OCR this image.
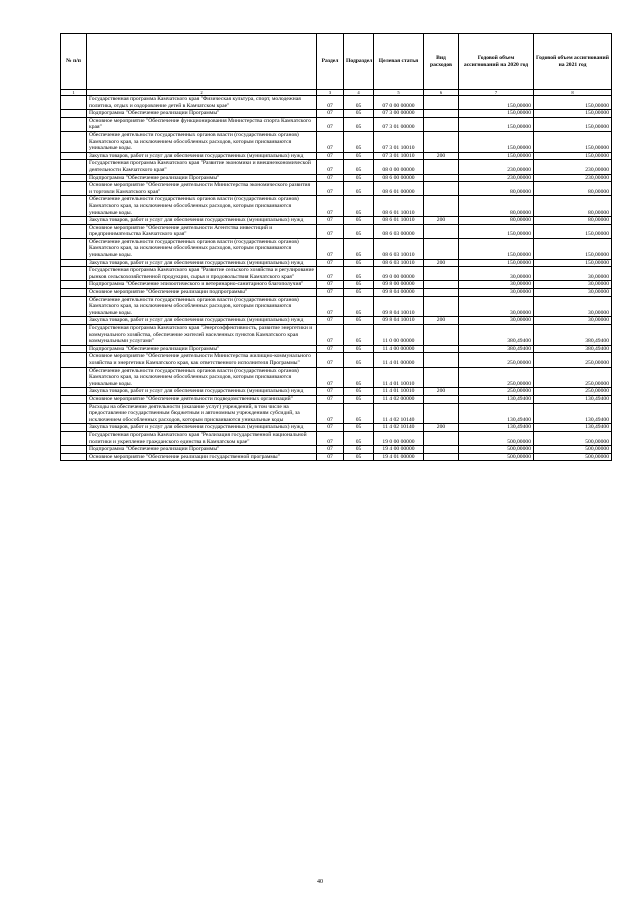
№ п/п		Раздел	Подраздел	Целевая статья	Вид расходов	Годовой объем ассигнований на 2020 год	Годовой объем ассигнований на 2021 год
1	2	3	4	5	6	7	8
	Государственная программа Камчатского края "Физическая культура, спорт, молодежная политика, отдых и оздоровление детей в Камчатском крае"	07	05	07 0 00 00000		150,00000	150,00000
	Подпрограмма "Обеспечение реализации Программы"	07	05	07 3 00 00000		150,00000	150,00000
	Основное мероприятие "Обеспечение функционирования Министерства спорта Камчатского края"	07	05	07 3 01 00000		150,00000	150,00000
	Обеспечение деятельности государственных органов власти (государственных органов) Камчатского края, за исключением обособленных расходов, которым присваиваются уникальные коды.	07	05	07 3 01 10010		150,00000	150,00000
	Закупка товаров, работ и услуг для обеспечения государственных (муниципальных) нужд	07	05	07 3 01 10010	200	150,00000	150,00000
	Государственная программа Камчатского края "Развитие экономики и внешнеэкономической деятельности Камчатского края"	07	05	08 0 00 00000		230,00000	230,00000
	Подпрограмма "Обеспечение реализации Программы"	07	05	08 6 00 00000		230,00000	230,00000
	Основное мероприятие "Обеспечение деятельности Министерства экономического развития и торговли Камчатского края"	07	05	08 6 01 00000		80,00000	80,00000
	Обеспечение деятельности государственных органов власти (государственных органов) Камчатского края, за исключением обособленных расходов, которым присваиваются уникальные коды.	07	05	08 6 01 10010		80,00000	80,00000
	Закупка товаров, работ и услуг для обеспечения государственных (муниципальных) нужд	07	05	08 6 01 10010	200	80,00000	80,00000
	Основное мероприятие "Обеспечение деятельности Агентства инвестиций и предпринимательства Камчатского края"	07	05	08 6 03 00000		150,00000	150,00000
	Обеспечение деятельности государственных органов власти (государственных органов) Камчатского края, за исключением обособленных расходов, которым присваиваются уникальные коды.	07	05	08 6 03 10010		150,00000	150,00000
	Закупка товаров, работ и услуг для обеспечения государственных (муниципальных) нужд	07	05	08 6 03 10010	200	150,00000	150,00000
	Государственная программа Камчатского края "Развитие сельского хозяйства и регулирование рынков сельскохозяйственной продукции, сырья и продовольствия Камчатского края"	07	05	09 0 00 00000		30,00000	30,00000
	Подпрограмма "Обеспечение эпизоотического и ветеринарно-санитарного благополучия"	07	05	09 8 00 00000		30,00000	30,00000
	Основное мероприятие "Обеспечение реализации подпрограммы"	07	05	09 8 04 00000		30,00000	30,00000
	Обеспечение деятельности государственных органов власти (государственных органов) Камчатского края, за исключением обособленных расходов, которым присваиваются уникальные коды.	07	05	09 8 04 10010		30,00000	30,00000
	Закупка товаров, работ и услуг для обеспечения государственных (муниципальных) нужд	07	05	09 8 04 10010	200	30,00000	30,00000
	Государственная программа Камчатского края "Энергоэффективность, развитие энергетики и коммунального хозяйства, обеспечение жителей населенных пунктов Камчатского края коммунальными услугами"	07	05	11 0 00 00000		380,49400	380,49400
	Подпрограмма "Обеспечение реализации Программы"	07	05	11 4 00 00000		380,49400	380,49400
	Основное мероприятие "Обеспечение деятельности Министерства жилищно-коммунального хозяйства и энергетики Камчатского края, как ответственного исполнителя Программы"	07	05	11 4 01 00000		250,00000	250,00000
	Обеспечение деятельности государственных органов власти (государственных органов) Камчатского края, за исключением обособленных расходов, которым присваиваются уникальные коды.	07	05	11 4 01 10010		250,00000	250,00000
	Закупка товаров, работ и услуг для обеспечения государственных (муниципальных) нужд	07	05	11 4 01 10010	200	250,00000	250,00000
	Основное мероприятие "Обеспечение деятельности подведомственных организаций"	07	05	11 4 02 00000		130,49400	130,49400
	Расходы на обеспечение деятельности (оказание услуг) учреждений, в том числе на предоставление государственным бюджетным и автономным учреждениям субсидий, за исключением обособленных расходов, которым присваиваются уникальные коды	07	05	11 4 02 10140		130,49400	130,49400
	Закупка товаров, работ и услуг для обеспечения государственных (муниципальных) нужд	07	05	11 4 02 10140	200	130,49400	130,49400
	Государственная программа Камчатского края "Реализация государственной национальной политики и укрепление гражданского единства в Камчатском крае"	07	05	19 0 00 00000		500,00000	500,00000
	Подпрограмма "Обеспечение реализации Программы"	07	05	19 4 00 00000		500,00000	500,00000
	Основное мероприятие "Обеспечение реализации государственной программы"	07	05	19 4 01 00000		500,00000	500,00000
40
